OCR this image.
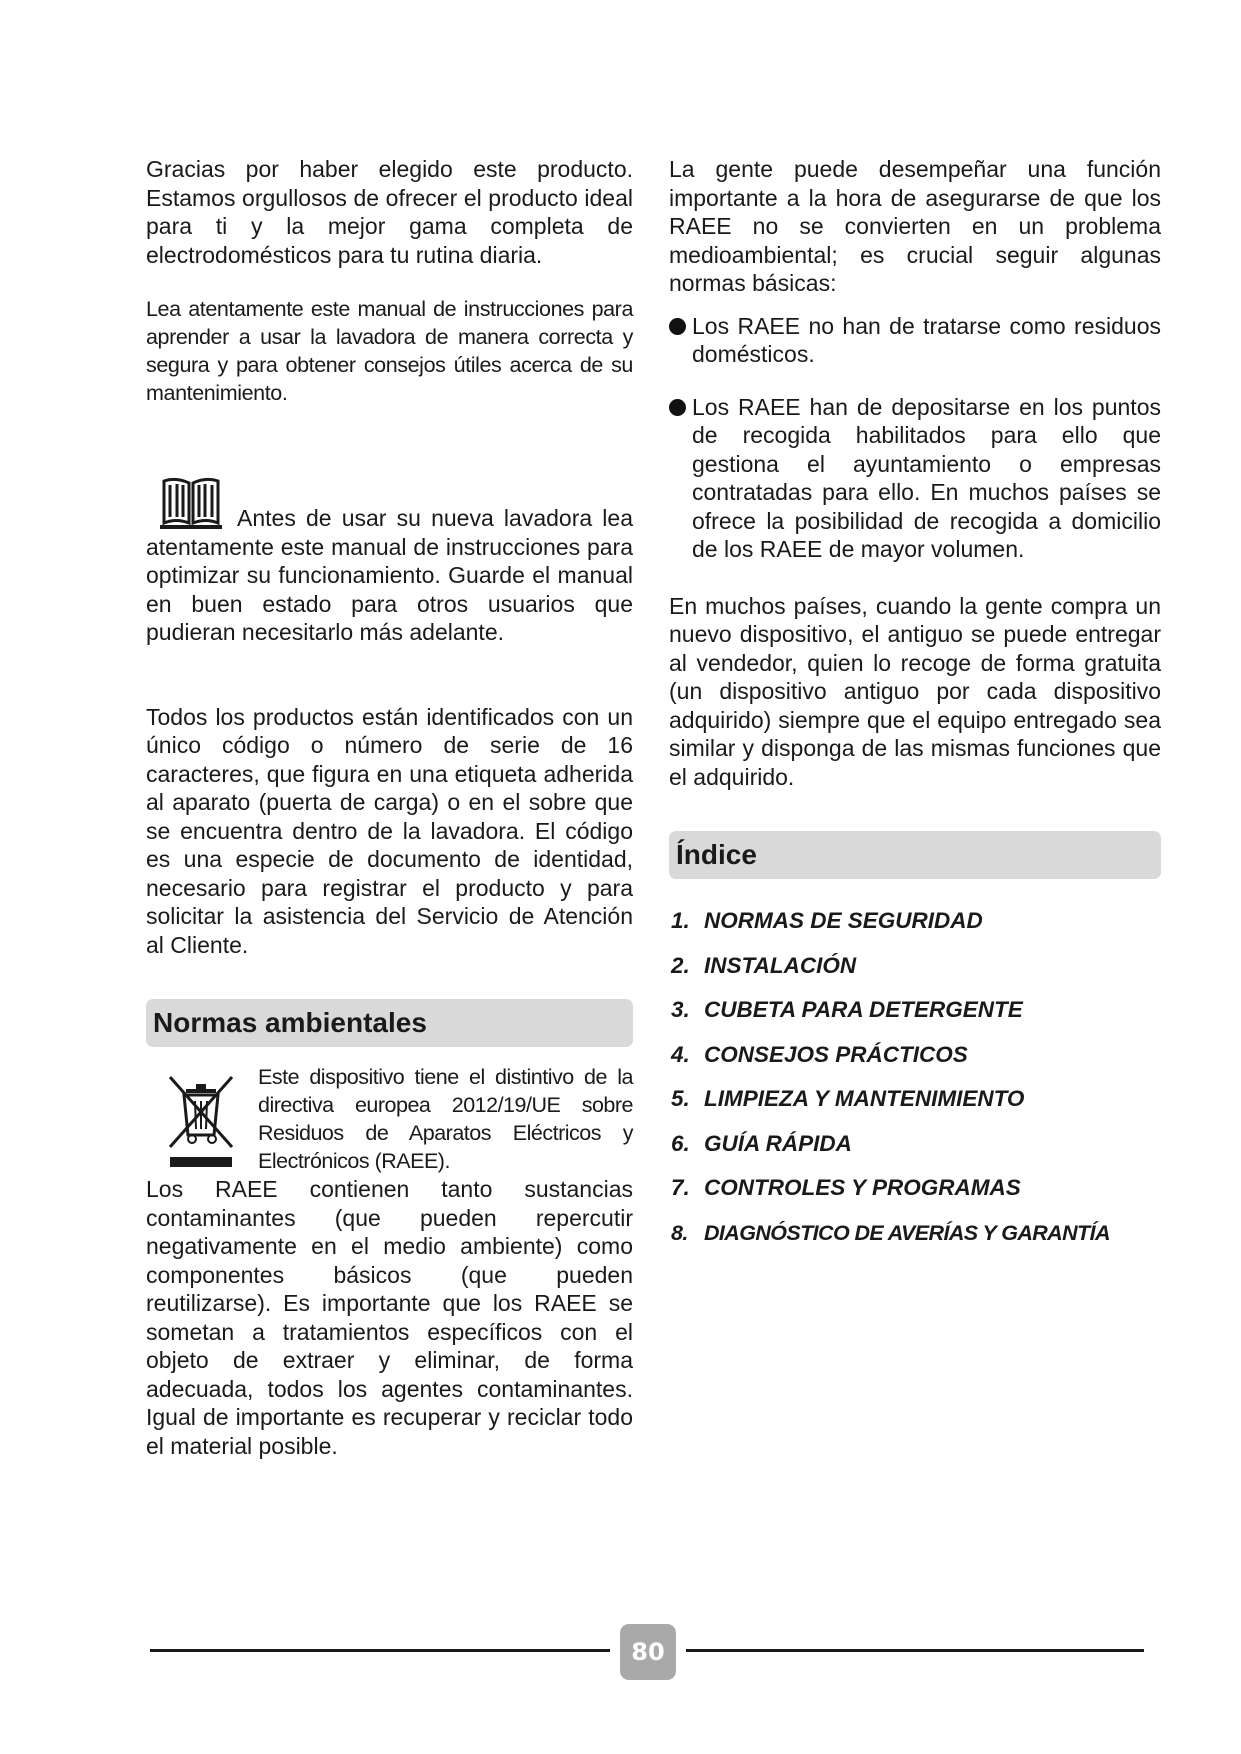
Gracias por haber elegido este producto. Estamos orgullosos de ofrecer el producto ideal para ti y la mejor gama completa de electrodomésticos para tu rutina diaria.

Lea atentamente este manual de instrucciones para aprender a usar la lavadora de manera correcta y segura y para obtener consejos útiles acerca de su mantenimiento.

Antes de usar su nueva lavadora lea atentamente este manual de instrucciones para optimizar su funcionamiento. Guarde el manual en buen estado para otros usuarios que pudieran necesitarlo más adelante.

Todos los productos están identificados con un único código o número de serie de 16 caracteres, que figura en una etiqueta adherida al aparato (puerta de carga) o en el sobre que se encuentra dentro de la lavadora. El código es una especie de documento de identidad, necesario para registrar el producto y para solicitar la asistencia del Servicio de Atención al Cliente.

Normas ambientales

Este dispositivo tiene el distintivo de la directiva europea 2012/19/UE sobre Residuos de Aparatos Eléctricos y Electrónicos (RAEE).

Los RAEE contienen tanto sustancias contaminantes (que pueden repercutir negativamente en el medio ambiente) como componentes básicos (que pueden reutilizarse). Es importante que los RAEE se sometan a tratamientos específicos con el objeto de extraer y eliminar, de forma adecuada, todos los agentes contaminantes. Igual de importante es recuperar y reciclar todo el material posible.

La gente puede desempeñar una función importante a la hora de asegurarse de que los RAEE no se convierten en un problema medioambiental; es crucial seguir algunas normas básicas:

Los RAEE no han de tratarse como residuos domésticos.
Los RAEE han de depositarse en los puntos de recogida habilitados para ello que gestiona el ayuntamiento o empresas contratadas para ello. En muchos países se ofrece la posibilidad de recogida a domicilio de los RAEE de mayor volumen.

En muchos países, cuando la gente compra un nuevo dispositivo, el antiguo se puede entregar al vendedor, quien lo recoge de forma gratuita (un dispositivo antiguo por cada dispositivo adquirido) siempre que el equipo entregado sea similar y disponga de las mismas funciones que el adquirido.

Índice
1. NORMAS DE SEGURIDAD
2. INSTALACIÓN
3. CUBETA PARA DETERGENTE
4. CONSEJOS PRÁCTICOS
5. LIMPIEZA Y MANTENIMIENTO
6. GUÍA RÁPIDA
7. CONTROLES Y PROGRAMAS
8. DIAGNÓSTICO DE AVERÍAS Y GARANTÍA
80
